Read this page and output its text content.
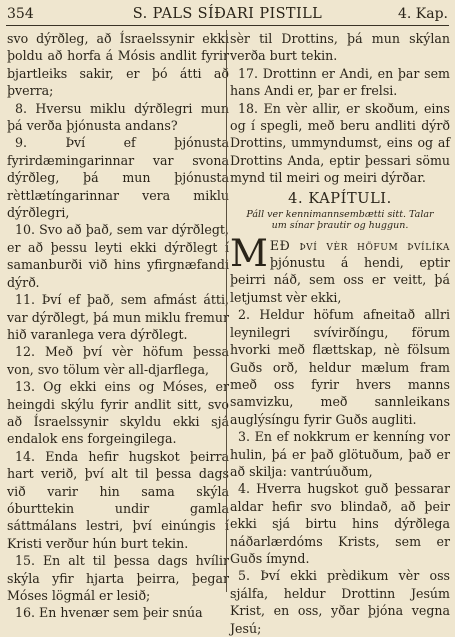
354	S. PALS SÍÐARI PISTILL	4. Kap.

svo dýrðleg, að Ísraelssynir ekki þoldu að horfa á Mósis andlit fyrir bjartleiks sakir, er þó átti að þverra;

8. Hversu miklu dýrðlegri mun þá verða þjónusta andans?

9. Því ef þjónusta fyrirdæmingarinnar var svona dýrðleg, þá mun þjónusta rèttlætíngarinnar vera miklu dýrðlegri,

10. Svo að það, sem var dýrðlegt, er að þessu leyti ekki dýrðlegt í samanburði við hins yfirgnæfandi dýrð.

11. Því ef það, sem afmást átti, var dýrðlegt, þá mun miklu fremur hið varanlega vera dýrðlegt.

12. Með því vèr höfum þessa von, svo tölum vèr all-djarflega,

13. Og ekki eins og Móses, er heingdi skýlu fyrir andlit sitt, svo að Ísraelssynir skyldu ekki sjá endalok ens forgeingilega.

14. Enda hefir hugskot þeirra hart verið, því alt til þessa dags við varir hin sama skýla óburttekin undir gamla sáttmálans lestri, því einúngis í Kristi verður hún burt tekin.

15. En alt til þessa dags hvílir skýla yfir hjarta þeirra, þegar Móses lögmál er lesið;

16. En hvenær sem þeir snúa

sèr til Drottins, þá mun skýlan verða burt tekin.

17. Drottinn er Andi, en þar sem hans Andi er, þar er frelsi.

18. En vèr allir, er skoðum, eins og í spegli, með beru andliti dýrð Drottins, ummyndumst, eins og af Drottins Anda, eptir þessari sömu mynd til meiri og meiri dýrðar.

4. KAPÍTULI.
Páll ver kennimannsembætti sitt. Talar um sínar þrautir og huggun.

MEÐ því vèr höfum þvílíka þjónustu á hendi, eptir þeirri náð, sem oss er veitt, þá letjumst vèr ekki,

2. Heldur höfum afneitað allri leynilegri svívirðíngu, förum hvorki með flættskap, nè fölsum Guðs orð, heldur mælum fram með oss fyrir hvers manns samvizku, með sannleikans auglýsíngu fyrir Guðs augliti.

3. En ef nokkrum er kenníng vor hulin, þá er það glötuðum, það er að skilja: vantrúuðum,

4. Hverra hugskot guð þessarar aldar hefir svo blindað, að þeir ekki sjá birtu hins dýrðlega náðarlærdóms Krists, sem er Guðs ímynd.

5. Því ekki prèdikum vèr oss sjálfa, heldur Drottinn Jesúm Krist, en oss, yðar þjóna vegna Jesú;
